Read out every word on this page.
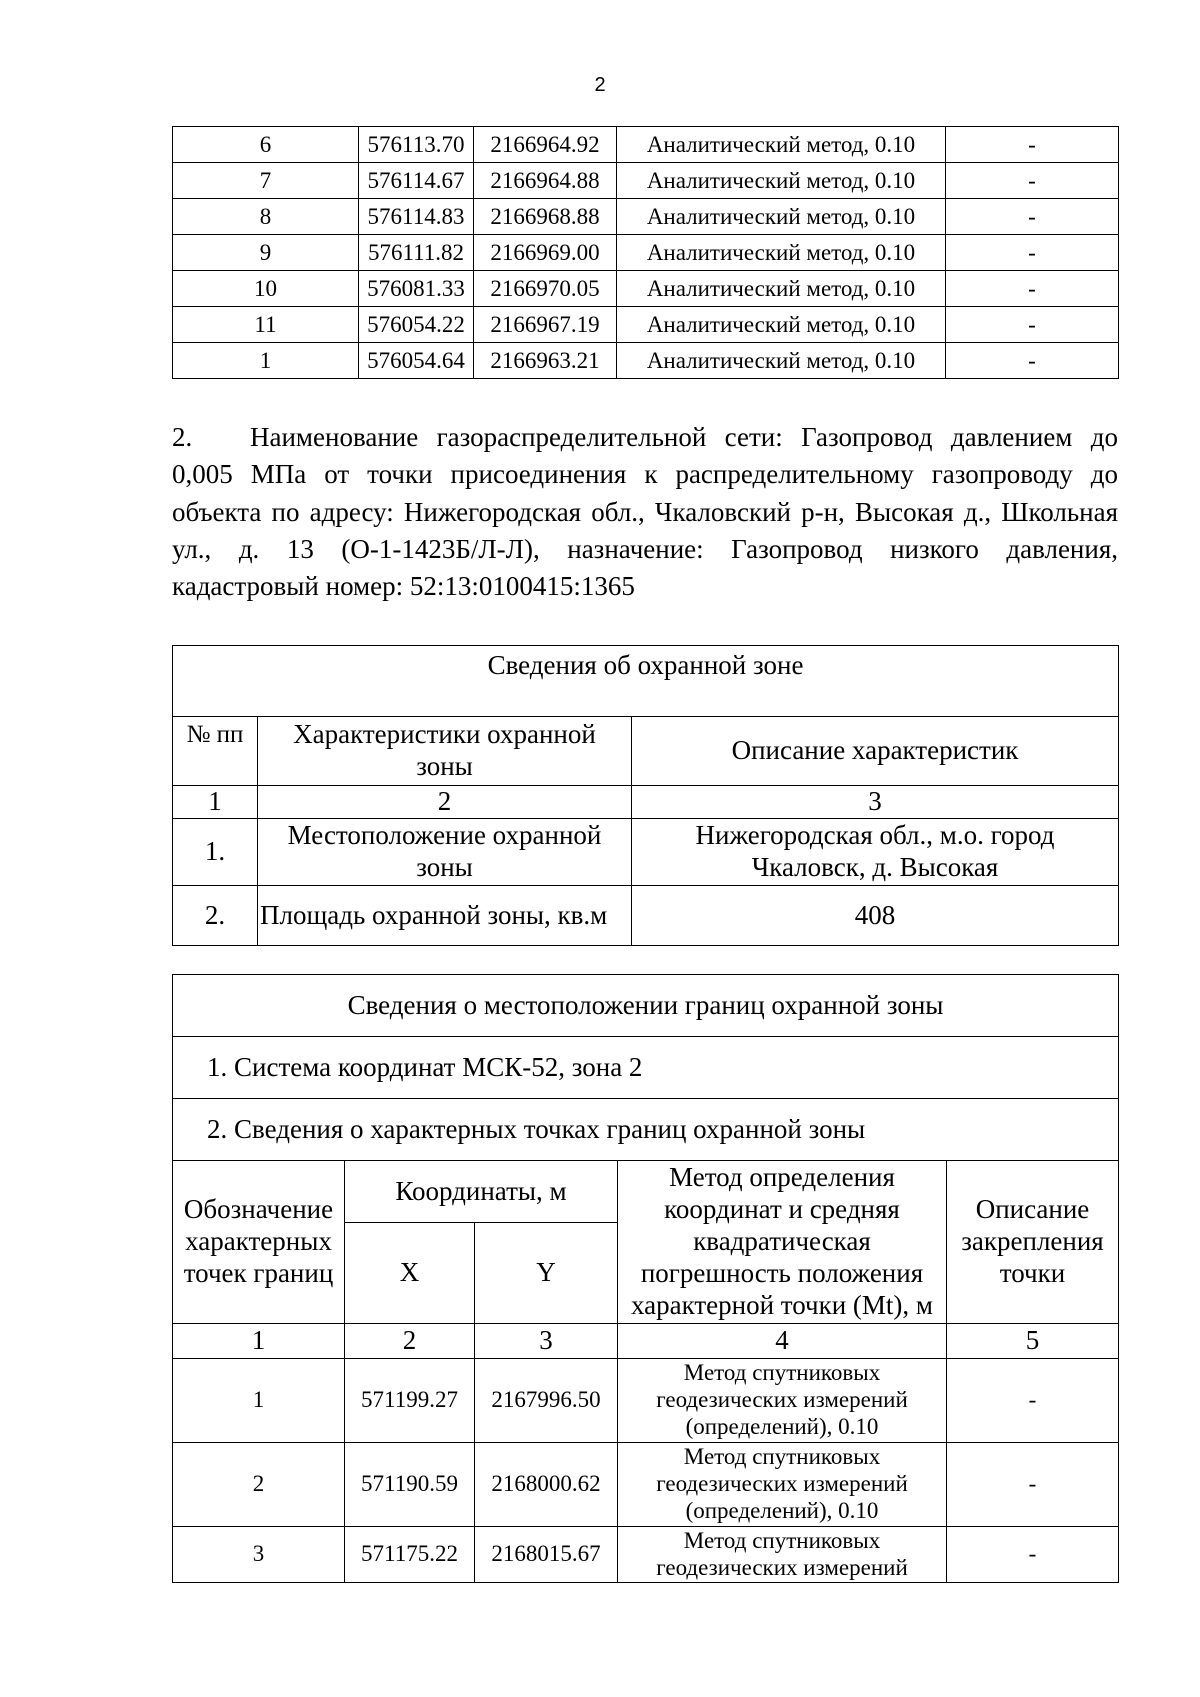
2
6	576113.70	2166964.92	Аналитический метод, 0.10	-
7	576114.67	2166964.88	Аналитический метод, 0.10	-
8	576114.83	2166968.88	Аналитический метод, 0.10	-
9	576111.82	2166969.00	Аналитический метод, 0.10	-
10	576081.33	2166970.05	Аналитический метод, 0.10	-
11	576054.22	2166967.19	Аналитический метод, 0.10	-
1	576054.64	2166963.21	Аналитический метод, 0.10	-
2. Наименование газораспределительной сети: Газопровод давлением до 0,005 МПа от точки присоединения к распределительному газопроводу до объекта по адресу: Нижегородская обл., Чкаловский р-н, Высокая д., Школьная ул., д. 13 (О-1-1423Б/Л-Л), назначение: Газопровод низкого давления, кадастровый номер: 52:13:0100415:1365
Сведения об охранной зоне		
№ пп	Характеристики охранной зоны	Описание характеристик
1	2	3
1.	Местоположение охранной зоны	Нижегородская обл., м.о. город Чкаловск, д. Высокая
2.	Площадь охранной зоны, кв.м	408
Сведения о местоположении границ охранной зоны				
1. Система координат МСК-52, зона 2				
2. Сведения о характерных точках границ охранной зоны				
Обозначение характерных точек границ	Координаты, м		Метод определения координат и средняя квадратическая погрешность положения характерной точки (Mt), м	Описание закрепления точки
	X	Y		
1	2	3	4	5
1	571199.27	2167996.50	Метод спутниковых геодезических измерений (определений), 0.10	-
2	571190.59	2168000.62	Метод спутниковых геодезических измерений (определений), 0.10	-
3	571175.22	2168015.67	Метод спутниковых геодезических измерений	-
